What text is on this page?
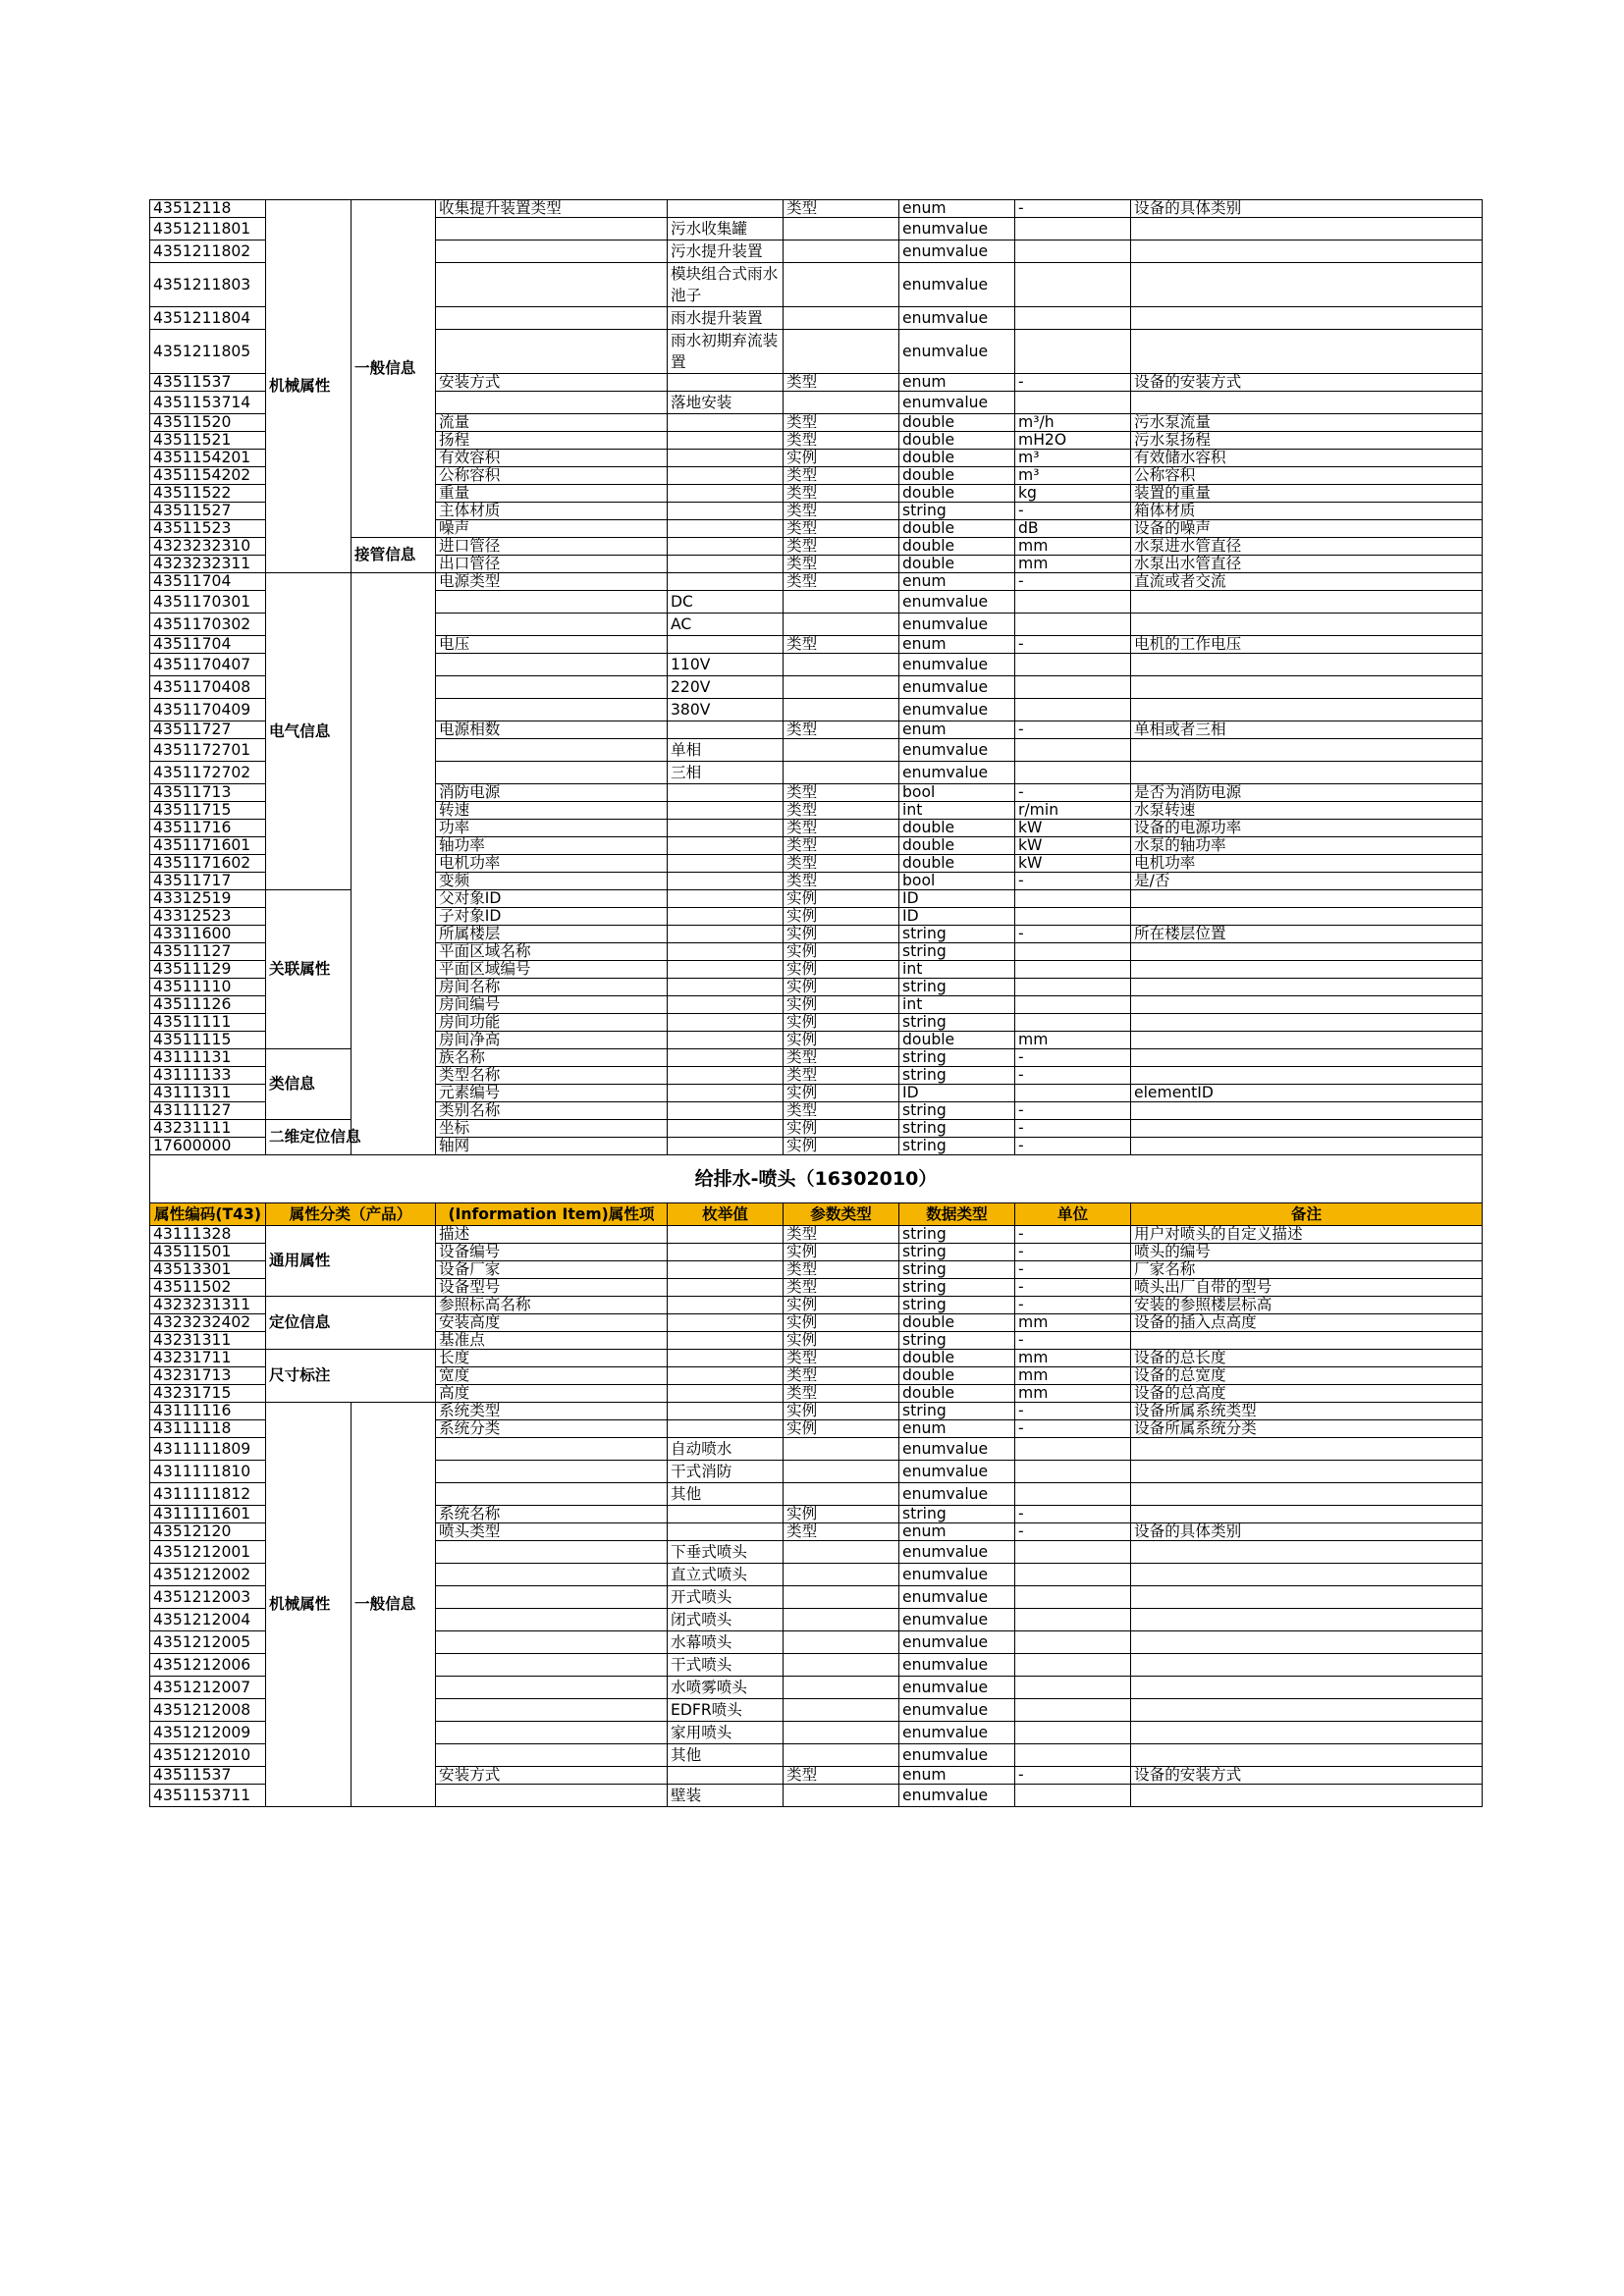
43512118	机械属性	一般信息	收集提升装置类型		类型	enum	-	设备的具体类别
4351211801				污水收集罐		enumvalue		
4351211802				污水提升装置		enumvalue		
4351211803				模块组合式雨水池子		enumvalue		
4351211804				雨水提升装置		enumvalue		
4351211805				雨水初期弃流装置		enumvalue		
43511537			安装方式		类型	enum	-	设备的安装方式
4351153714				落地安装		enumvalue		
43511520			流量		类型	double	m³/h	污水泵流量
43511521			扬程		类型	double	mH2O	污水泵扬程
4351154201			有效容积		实例	double	m³	有效储水容积
4351154202			公称容积		类型	double	m³	公称容积
43511522			重量		类型	double	kg	装置的重量
43511527			主体材质		类型	string	-	箱体材质
43511523			噪声		类型	double	dB	设备的噪声
4323232310		接管信息	进口管径		类型	double	mm	水泵进水管直径
4323232311			出口管径		类型	double	mm	水泵出水管直径
43511704	电气信息		电源类型		类型	enum	-	直流或者交流
4351170301				DC		enumvalue		
4351170302				AC		enumvalue		
43511704			电压		类型	enum	-	电机的工作电压
4351170407				110V		enumvalue		
4351170408				220V		enumvalue		
4351170409				380V		enumvalue		
43511727			电源相数		类型	enum	-	单相或者三相
4351172701				单相		enumvalue		
4351172702				三相		enumvalue		
43511713			消防电源		类型	bool	-	是否为消防电源
43511715			转速		类型	int	r/min	水泵转速
43511716			功率		类型	double	kW	设备的电源功率
4351171601			轴功率		类型	double	kW	水泵的轴功率
4351171602			电机功率		类型	double	kW	电机功率
43511717			变频		类型	bool	-	是/否
43312519	关联属性		父对象ID		实例	ID		
43312523			子对象ID		实例	ID		
43311600			所属楼层		实例	string	-	所在楼层位置
43511127			平面区域名称		实例	string		
43511129			平面区域编号		实例	int		
43511110			房间名称		实例	string		
43511126			房间编号		实例	int		
43511111			房间功能		实例	string		
43511115			房间净高		实例	double	mm	
43111131	类信息		族名称		类型	string	-	
43111133			类型名称		类型	string	-	
43111311			元素编号		实例	ID		elementID
43111127			类别名称		类型	string	-	
43231111	二维定位信息		坐标		实例	string	-	
17600000			轴网		实例	string	-	
给排水-喷头（16302010）								
属性编码(T43)	属性分类（产品）		(Information Item)属性项	枚举值	参数类型	数据类型	单位	备注
43111328	通用属性		描述		类型	string	-	用户对喷头的自定义描述
43511501			设备编号		实例	string	-	喷头的编号
43513301			设备厂家		类型	string	-	厂家名称
43511502			设备型号		类型	string	-	喷头出厂自带的型号
4323231311	定位信息		参照标高名称		实例	string	-	安装的参照楼层标高
4323232402			安装高度		实例	double	mm	设备的插入点高度
43231311			基准点		实例	string	-	
43231711	尺寸标注		长度		类型	double	mm	设备的总长度
43231713			宽度		类型	double	mm	设备的总宽度
43231715			高度		类型	double	mm	设备的总高度
43111116	机械属性	一般信息	系统类型		实例	string	-	设备所属系统类型
43111118			系统分类		实例	enum	-	设备所属系统分类
4311111809				自动喷水		enumvalue		
4311111810				干式消防		enumvalue		
4311111812				其他		enumvalue		
4311111601			系统名称		实例	string	-	
43512120			喷头类型		类型	enum	-	设备的具体类别
4351212001				下垂式喷头		enumvalue		
4351212002				直立式喷头		enumvalue		
4351212003				开式喷头		enumvalue		
4351212004				闭式喷头		enumvalue		
4351212005				水幕喷头		enumvalue		
4351212006				干式喷头		enumvalue		
4351212007				水喷雾喷头		enumvalue		
4351212008				EDFR喷头		enumvalue		
4351212009				家用喷头		enumvalue		
4351212010				其他		enumvalue		
43511537			安装方式		类型	enum	-	设备的安装方式
4351153711				壁装		enumvalue		
